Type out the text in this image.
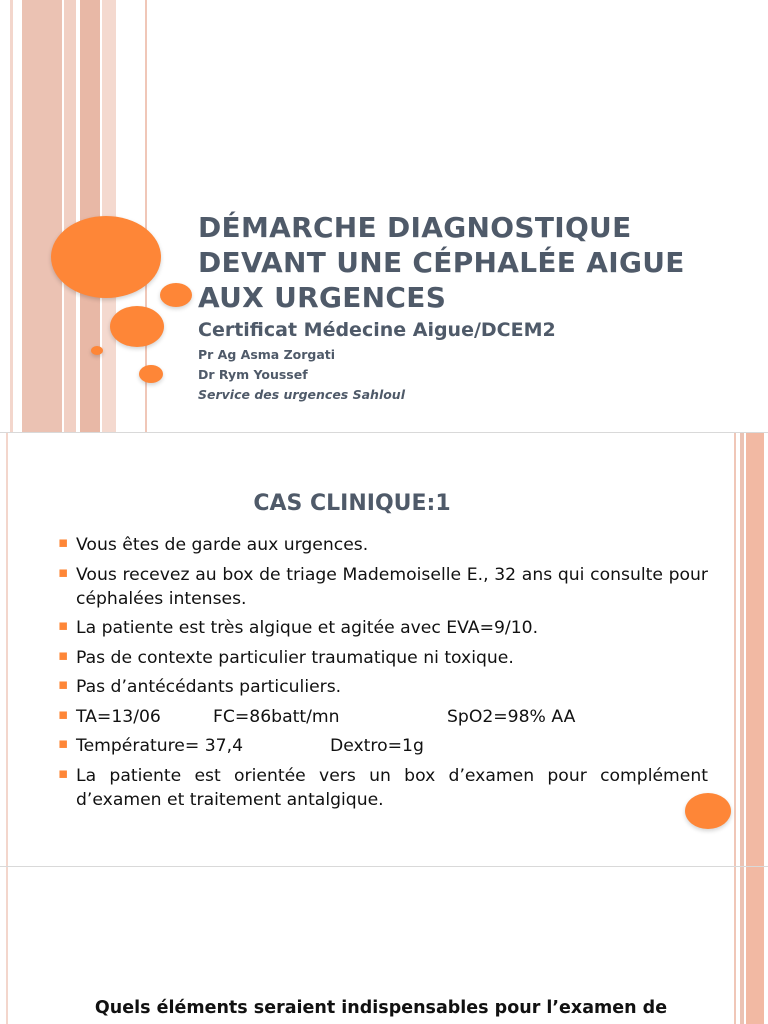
DÉMARCHE DIAGNOSTIQUE
DEVANT UNE CÉPHALÉE AIGUE
AUX URGENCES
Certificat Médecine Aigue/DCEM2
Pr Ag Asma Zorgati
Dr Rym Youssef
Service des urgences Sahloul
CAS CLINIQUE:1
▪ Vous êtes de garde aux urgences.
▪ Vous recevez au box de triage Mademoiselle E., 32 ans qui consulte pour céphalées intenses.
▪ La patiente est très algique et agitée avec EVA=9/10.
▪ Pas de contexte particulier traumatique ni toxique.
▪ Pas d’antécédants particuliers.
▪ TA=13/06	FC=86batt/mn	SpO2=98% AA
▪ Température= 37,4	Dextro=1g
▪ La patiente est orientée vers un box d’examen pour complément d’examen et traitement antalgique.
Quels éléments seraient indispensables pour l’examen de
